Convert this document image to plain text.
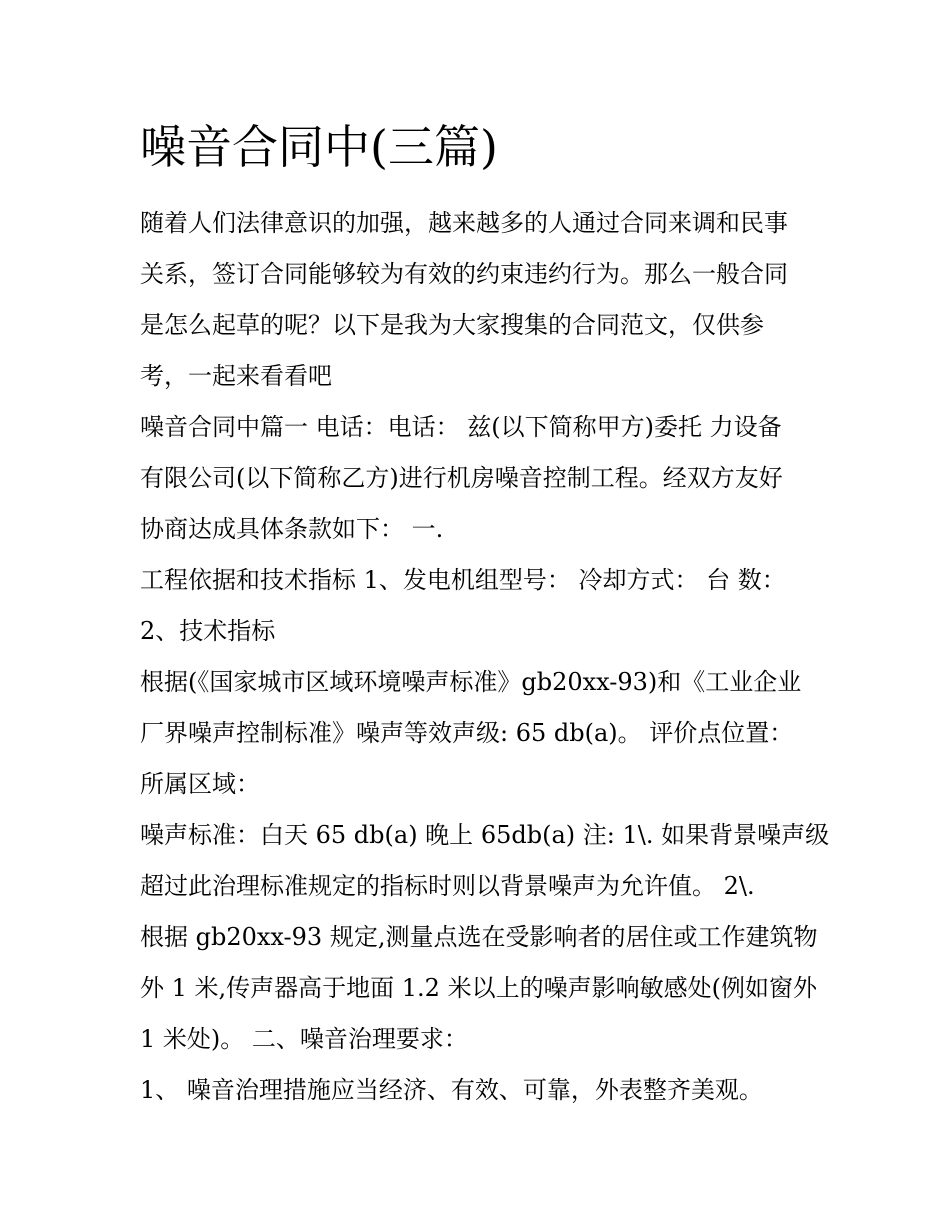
噪音合同中(三篇)
随着人们法律意识的加强，越来越多的人通过合同来调和民事
关系，签订合同能够较为有效的约束违约行为。那么一般合同
是怎么起草的呢？以下是我为大家搜集的合同范文，仅供参
考，一起来看看吧
噪音合同中篇一 电话：电话： 兹(以下简称甲方)委托 力设备
有限公司(以下简称乙方)进行机房噪音控制工程。经双方友好
协商达成具体条款如下： 一.
工程依据和技术指标 1、发电机组型号： 冷却方式： 台 数：
2、技术指标
根据(《国家城市区域环境噪声标准》gb20xx-93)和《工业企业
厂界噪声控制标准》噪声等效声级: 65 db(a)。 评价点位置：
所属区域：
噪声标准：白天 65 db(a) 晚上 65db(a) 注: 1\. 如果背景噪声级
超过此治理标准规定的指标时则以背景噪声为允许值。 2\.
根据 gb20xx-93 规定,测量点选在受影响者的居住或工作建筑物
外 1 米,传声器高于地面 1.2 米以上的噪声影响敏感处(例如窗外
1 米处)。 二、噪音治理要求：
1、 噪音治理措施应当经济、有效、可靠，外表整齐美观。
